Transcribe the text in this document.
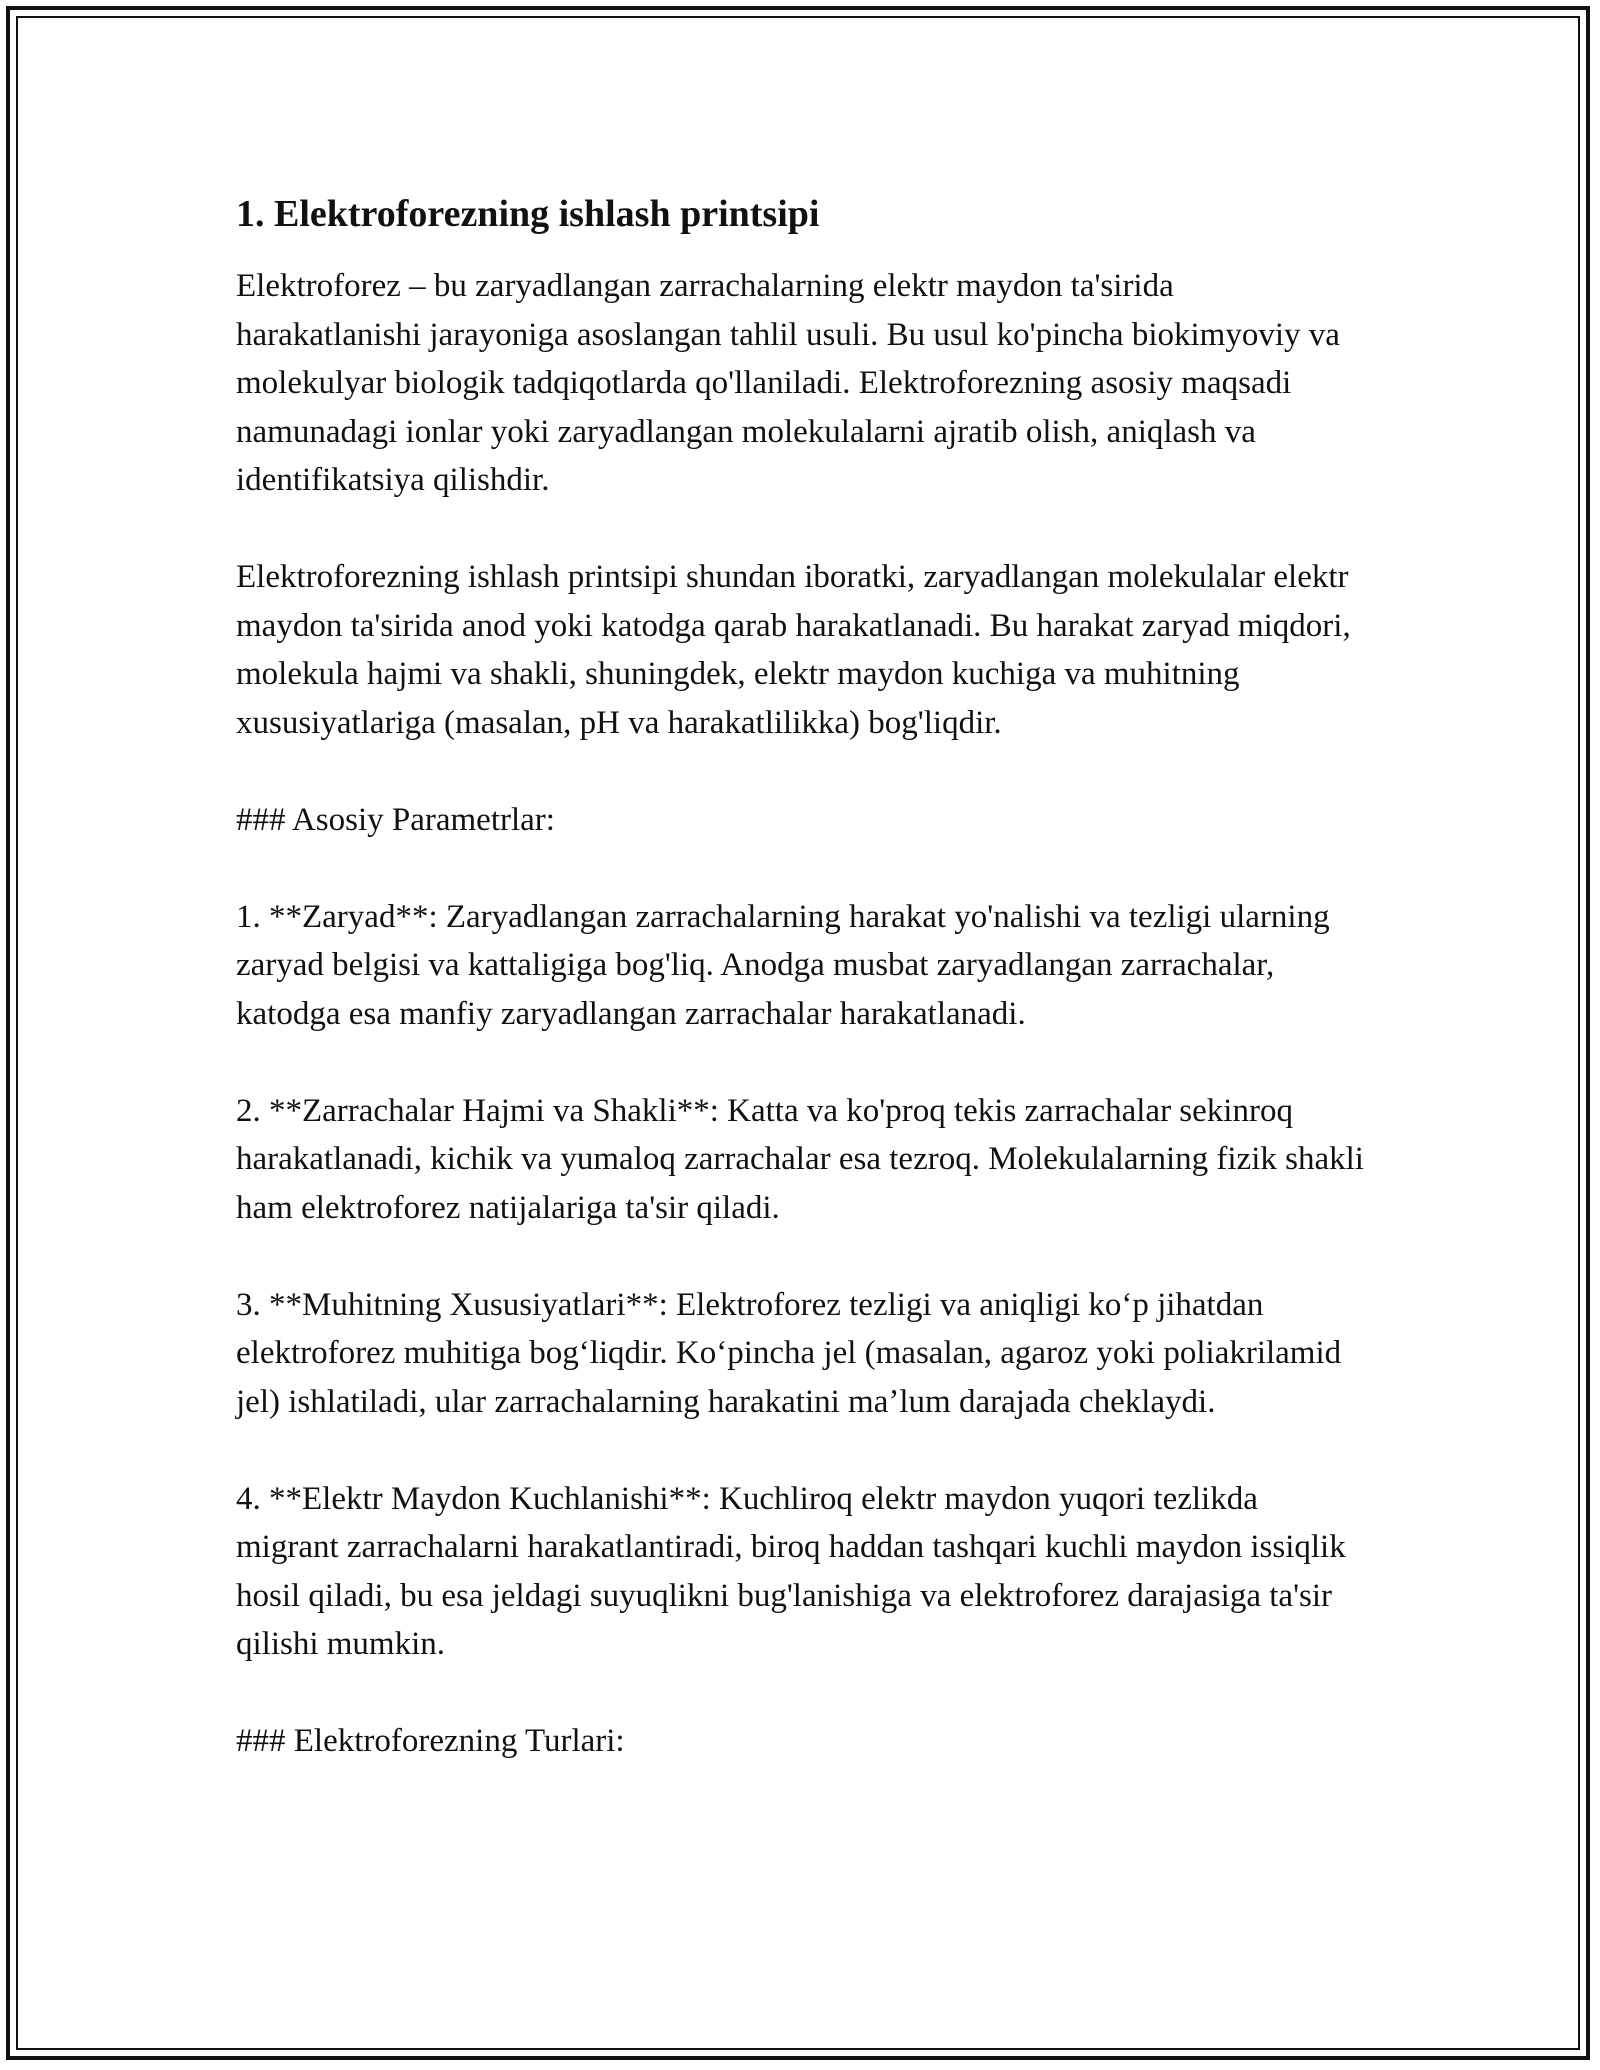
1. Elektroforezning ishlash printsipi

Elektroforez – bu zaryadlangan zarrachalarning elektr maydon ta'sirida harakatlanishi jarayoniga asoslangan tahlil usuli. Bu usul ko'pincha biokimyoviy va molekulyar biologik tadqiqotlarda qo'llaniladi. Elektroforezning asosiy maqsadi namunadagi ionlar yoki zaryadlangan molekulalarni ajratib olish, aniqlash va identifikatsiya qilishdir.

Elektroforezning ishlash printsipi shundan iboratki, zaryadlangan molekulalar elektr maydon ta'sirida anod yoki katodga qarab harakatlanadi. Bu harakat zaryad miqdori, molekula hajmi va shakli, shuningdek, elektr maydon kuchiga va muhitning xususiyatlariga (masalan, pH va harakatlilikka) bog'liqdir.

### Asosiy Parametrlar:

1. **Zaryad**: Zaryadlangan zarrachalarning harakat yo'nalishi va tezligi ularning zaryad belgisi va kattaligiga bog'liq. Anodga musbat zaryadlangan zarrachalar, katodga esa manfiy zaryadlangan zarrachalar harakatlanadi.

2. **Zarrachalar Hajmi va Shakli**: Katta va ko'proq tekis zarrachalar sekinroq harakatlanadi, kichik va yumaloq zarrachalar esa tezroq. Molekulalarning fizik shakli ham elektroforez natijalariga ta'sir qiladi.

3. **Muhitning Xususiyatlari**: Elektroforez tezligi va aniqligi koʻp jihatdan elektroforez muhitiga bogʻliqdir. Koʻpincha jel (masalan, agaroz yoki poliakrilamid jel) ishlatiladi, ular zarrachalarning harakatini maʼlum darajada cheklaydi.

4. **Elektr Maydon Kuchlanishi**: Kuchliroq elektr maydon yuqori tezlikda migrant zarrachalarni harakatlantiradi, biroq haddan tashqari kuchli maydon issiqlik hosil qiladi, bu esa jeldagi suyuqlikni bug'lanishiga va elektroforez darajasiga ta'sir qilishi mumkin.

### Elektroforezning Turlari:
